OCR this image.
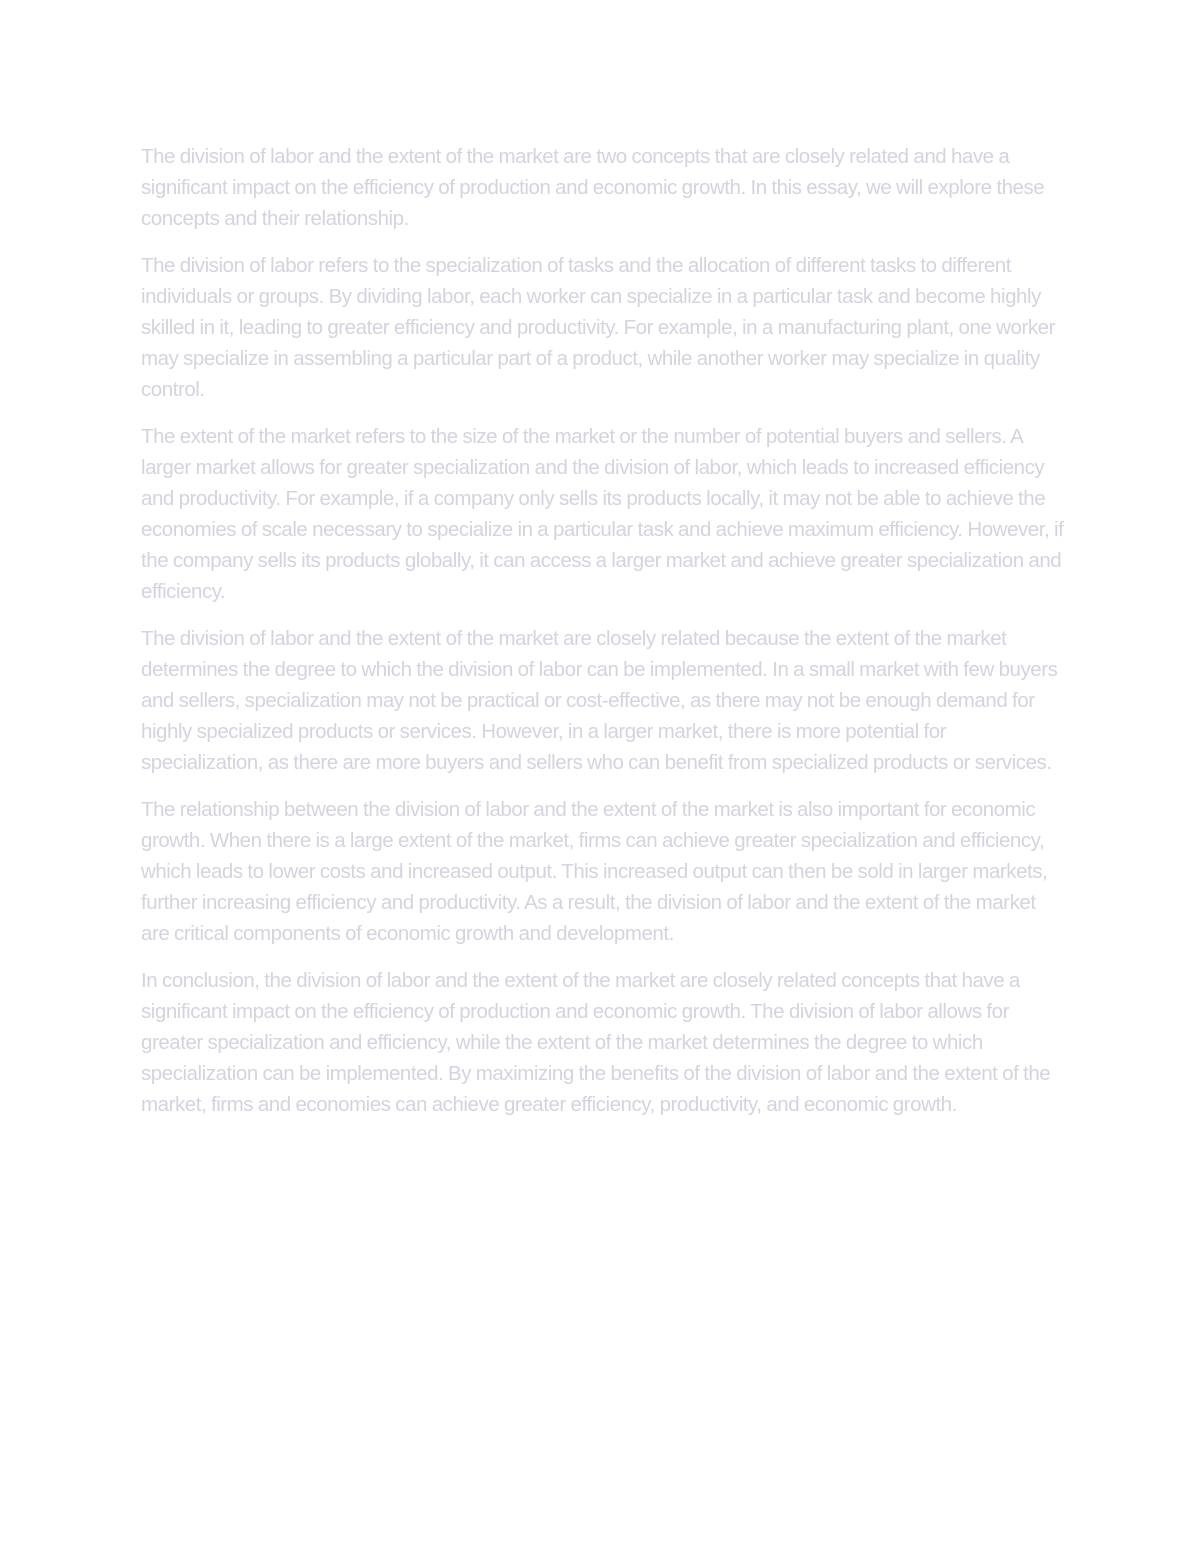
The division of labor and the extent of the market are two concepts that are closely related and have a significant impact on the efficiency of production and economic growth. In this essay, we will explore these concepts and their relationship.

The division of labor refers to the specialization of tasks and the allocation of different tasks to different individuals or groups. By dividing labor, each worker can specialize in a particular task and become highly skilled in it, leading to greater efficiency and productivity. For example, in a manufacturing plant, one worker may specialize in assembling a particular part of a product, while another worker may specialize in quality control.

The extent of the market refers to the size of the market or the number of potential buyers and sellers. A larger market allows for greater specialization and the division of labor, which leads to increased efficiency and productivity. For example, if a company only sells its products locally, it may not be able to achieve the economies of scale necessary to specialize in a particular task and achieve maximum efficiency. However, if the company sells its products globally, it can access a larger market and achieve greater specialization and efficiency.

The division of labor and the extent of the market are closely related because the extent of the market determines the degree to which the division of labor can be implemented. In a small market with few buyers and sellers, specialization may not be practical or cost-effective, as there may not be enough demand for highly specialized products or services. However, in a larger market, there is more potential for specialization, as there are more buyers and sellers who can benefit from specialized products or services.

The relationship between the division of labor and the extent of the market is also important for economic growth. When there is a large extent of the market, firms can achieve greater specialization and efficiency, which leads to lower costs and increased output. This increased output can then be sold in larger markets, further increasing efficiency and productivity. As a result, the division of labor and the extent of the market are critical components of economic growth and development.

In conclusion, the division of labor and the extent of the market are closely related concepts that have a significant impact on the efficiency of production and economic growth. The division of labor allows for greater specialization and efficiency, while the extent of the market determines the degree to which specialization can be implemented. By maximizing the benefits of the division of labor and the extent of the market, firms and economies can achieve greater efficiency, productivity, and economic growth.
